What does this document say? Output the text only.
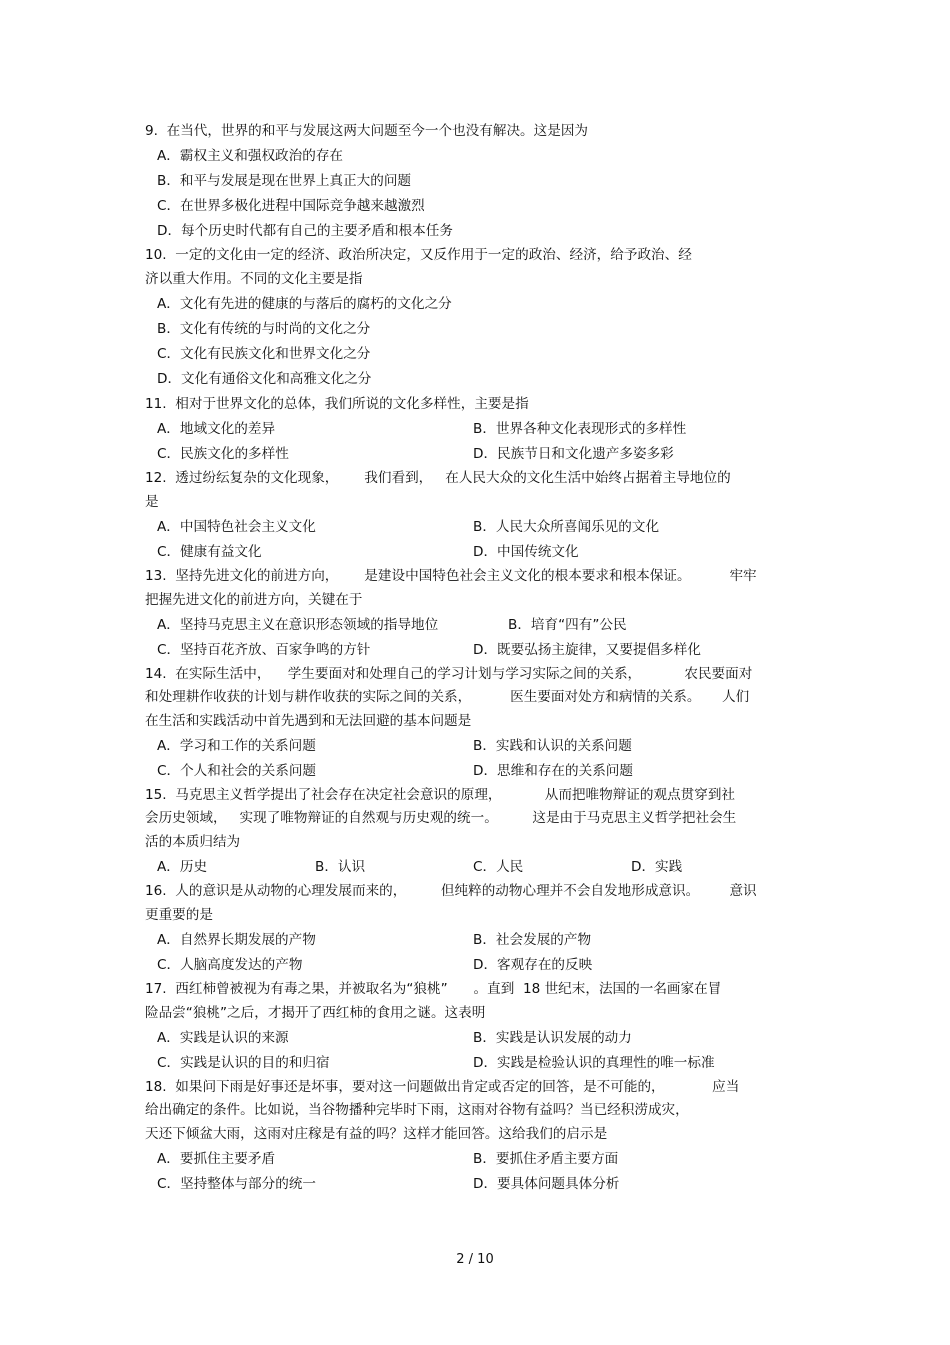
9.  在当代，世界的和平与发展这两大问题至今一个也没有解决。这是因为
A．霸权主义和强权政治的存在
B．和平与发展是现在世界上真正大的问题
C．在世界多极化进程中国际竞争越来越激烈
D．每个历史时代都有自己的主要矛盾和根本任务
10.  一定的文化由一定的经济、政治所决定，又反作用于一定的政治、经济，给予政治、经
济以重大作用。不同的文化主要是指
A．文化有先进的健康的与落后的腐朽的文化之分
B．文化有传统的与时尚的文化之分
C．文化有民族文化和世界文化之分
D．文化有通俗文化和高雅文化之分
11.  相对于世界文化的总体，我们所说的文化多样性，主要是指
A．地域文化的差异	B．世界各种文化表现形式的多样性
C．民族文化的多样性	D．民族节日和文化遗产多姿多彩
12.  透过纷纭复杂的文化现象，      我们看到，   在人民大众的文化生活中始终占据着主导地位的
是
A．中国特色社会主义文化	B．人民大众所喜闻乐见的文化
C．健康有益文化	D．中国传统文化
13.  坚持先进文化的前进方向，      是建设中国特色社会主义文化的根本要求和根本保证。         牢牢
把握先进文化的前进方向，关键在于
A．坚持马克思主义在意识形态领域的指导地位	B．培育“四有”公民
C．坚持百花齐放、百家争鸣的方针	D．既要弘扬主旋律，又要提倡多样化
14.  在实际生活中，    学生要面对和处理自己的学习计划与学习实际之间的关系，          农民要面对
和处理耕作收获的计划与耕作收获的实际之间的关系，         医生要面对处方和病情的关系。     人们
在生活和实践活动中首先遇到和无法回避的基本问题是
A．学习和工作的关系问题	B．实践和认识的关系问题
C．个人和社会的关系问题	D．思维和存在的关系问题
15.  马克思主义哲学提出了社会存在决定社会意识的原理，          从而把唯物辩证的观点贯穿到社
会历史领域，   实现了唯物辩证的自然观与历史观的统一。        这是由于马克思主义哲学把社会生
活的本质归结为
A．历史	B．认识	C．人民	D．实践
16.  人的意识是从动物的心理发展而来的，        但纯粹的动物心理并不会自发地形成意识。       意识
更重要的是
A．自然界长期发展的产物	B．社会发展的产物
C．人脑高度发达的产物	D．客观存在的反映
17.  西红柿曾被视为有毒之果，并被取名为“狼桃”      。直到  18 世纪末，法国的一名画家在冒
险品尝“狼桃”之后，才揭开了西红柿的食用之谜。这表明
A．实践是认识的来源	B．实践是认识发展的动力
C．实践是认识的目的和归宿	D．实践是检验认识的真理性的唯一标准
18.  如果问下雨是好事还是坏事，要对这一问题做出肯定或否定的回答，是不可能的，           应当
给出确定的条件。比如说，当谷物播种完毕时下雨，这雨对谷物有益吗？当已经积涝成灾，
天还下倾盆大雨，这雨对庄稼是有益的吗？这样才能回答。这给我们的启示是
A．要抓住主要矛盾	B．要抓住矛盾主要方面
C．坚持整体与部分的统一	D．要具体问题具体分析
2 / 10
